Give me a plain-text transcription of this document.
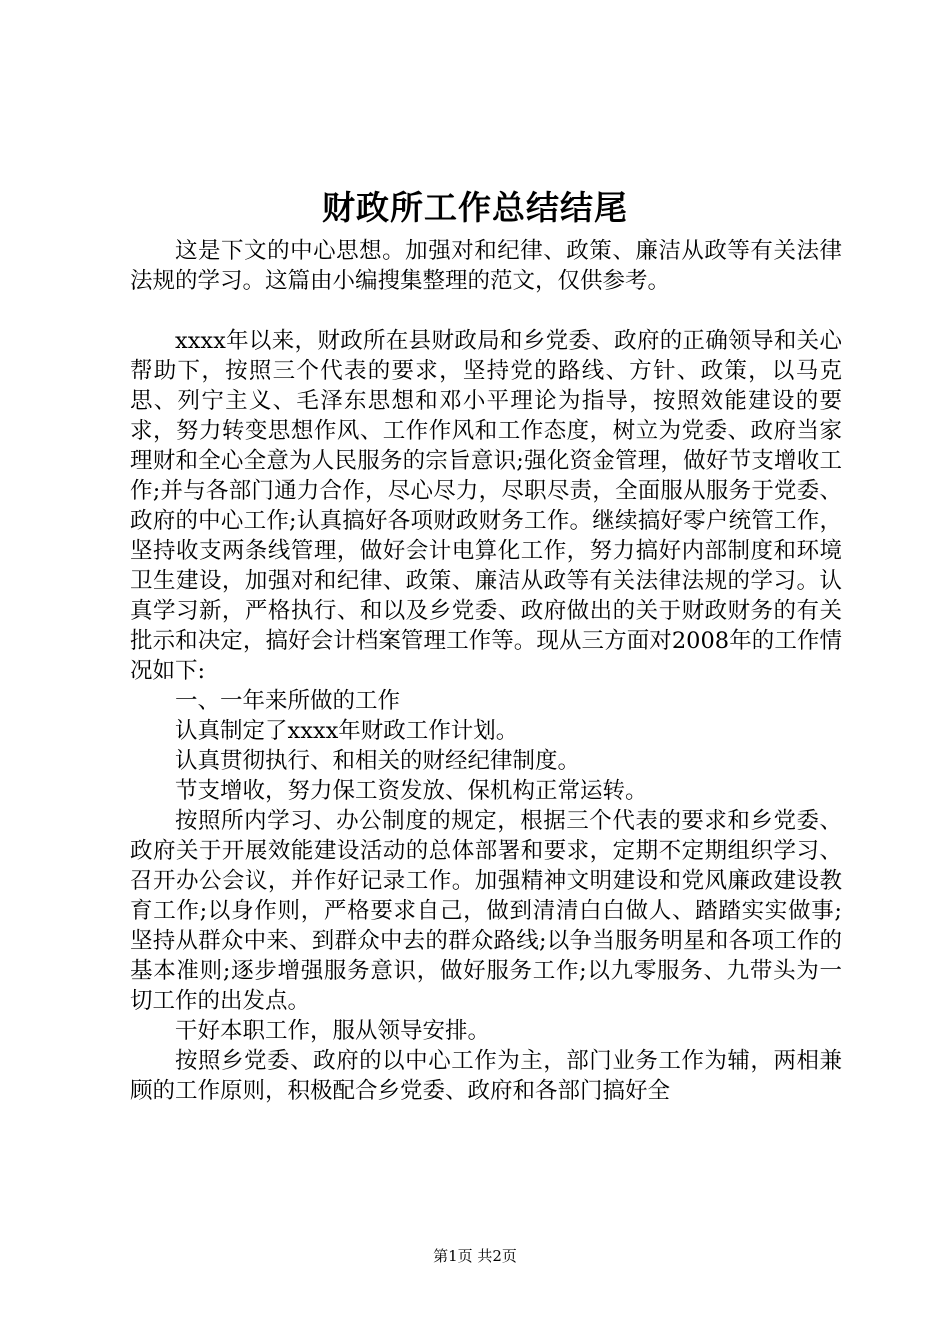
财政所工作总结结尾

这是下文的中心思想。加强对和纪律、政策、廉洁从政等有关法律法规的学习。这篇由小编搜集整理的范文，仅供参考。

xxxx年以来，财政所在县财政局和乡党委、政府的正确领导和关心帮助下，按照三个代表的要求，坚持党的路线、方针、政策，以马克思、列宁主义、毛泽东思想和邓小平理论为指导，按照效能建设的要求，努力转变思想作风、工作作风和工作态度，树立为党委、政府当家理财和全心全意为人民服务的宗旨意识;强化资金管理，做好节支增收工作;并与各部门通力合作，尽心尽力，尽职尽责，全面服从服务于党委、政府的中心工作;认真搞好各项财政财务工作。继续搞好零户统管工作，坚持收支两条线管理，做好会计电算化工作，努力搞好内部制度和环境卫生建设，加强对和纪律、政策、廉洁从政等有关法律法规的学习。认真学习新，严格执行、和以及乡党委、政府做出的关于财政财务的有关批示和决定，搞好会计档案管理工作等。现从三方面对2008年的工作情况如下:

一、一年来所做的工作

认真制定了xxxx年财政工作计划。

认真贯彻执行、和相关的财经纪律制度。

节支增收，努力保工资发放、保机构正常运转。

按照所内学习、办公制度的规定，根据三个代表的要求和乡党委、政府关于开展效能建设活动的总体部署和要求，定期不定期组织学习、召开办公会议，并作好记录工作。加强精神文明建设和党风廉政建设教育工作;以身作则，严格要求自己，做到清清白白做人、踏踏实实做事;坚持从群众中来、到群众中去的群众路线;以争当服务明星和各项工作的基本准则;逐步增强服务意识，做好服务工作;以九零服务、九带头为一切工作的出发点。

干好本职工作，服从领导安排。

按照乡党委、政府的以中心工作为主，部门业务工作为辅，两相兼顾的工作原则，积极配合乡党委、政府和各部门搞好全

第1页 共2页
